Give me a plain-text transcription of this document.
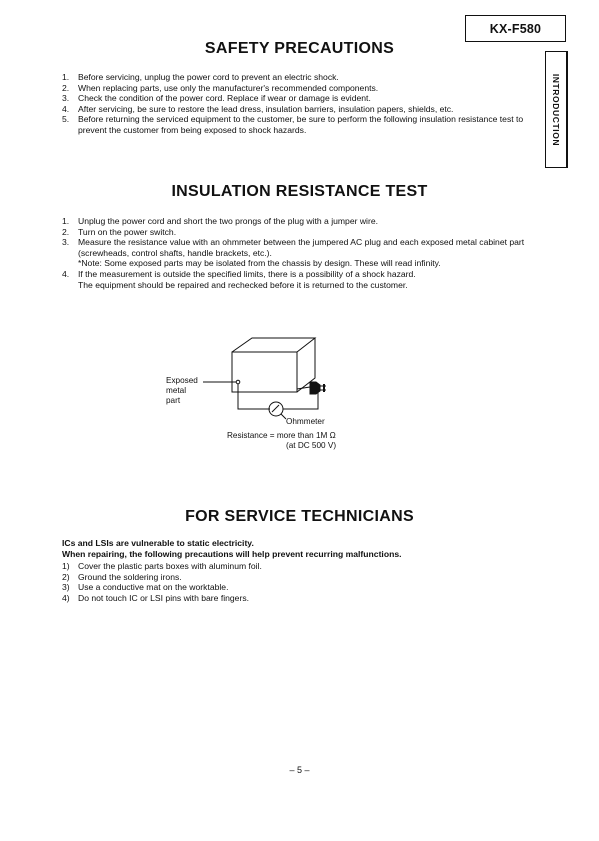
KX-F580
INTRODUCTION
SAFETY PRECAUTIONS
1. Before servicing, unplug the power cord to prevent an electric shock.
2. When replacing parts, use only the manufacturer's recommended components.
3. Check the condition of the power cord. Replace if wear or damage is evident.
4. After servicing, be sure to restore the lead dress, insulation barriers, insulation papers, shields, etc.
5. Before returning the serviced equipment to the customer, be sure to perform the following insulation resistance test to prevent the customer from being exposed to shock hazards.
INSULATION RESISTANCE TEST
1. Unplug the power cord and short the two prongs of the plug with a jumper wire.
2. Turn on the power switch.
3. Measure the resistance value with an ohmmeter between the jumpered AC plug and each exposed metal cabinet part (screwheads, control shafts, handle brackets, etc.).
*Note: Some exposed parts may be isolated from the chassis by design. These will read infinity.
4. If the measurement is outside the specified limits, there is a possibility of a shock hazard.
The equipment should be repaired and rechecked before it is returned to the customer.
Exposed
metal
part
Ohmmeter
Resistance = more than 1M Ω
(at DC 500 V)
FOR SERVICE TECHNICIANS
ICs and LSIs are vulnerable to static electricity.
When repairing, the following precautions will help prevent recurring malfunctions.
1) Cover the plastic parts boxes with aluminum foil.
2) Ground the soldering irons.
3) Use a conductive mat on the worktable.
4) Do not touch IC or LSI pins with bare fingers.
– 5 –
